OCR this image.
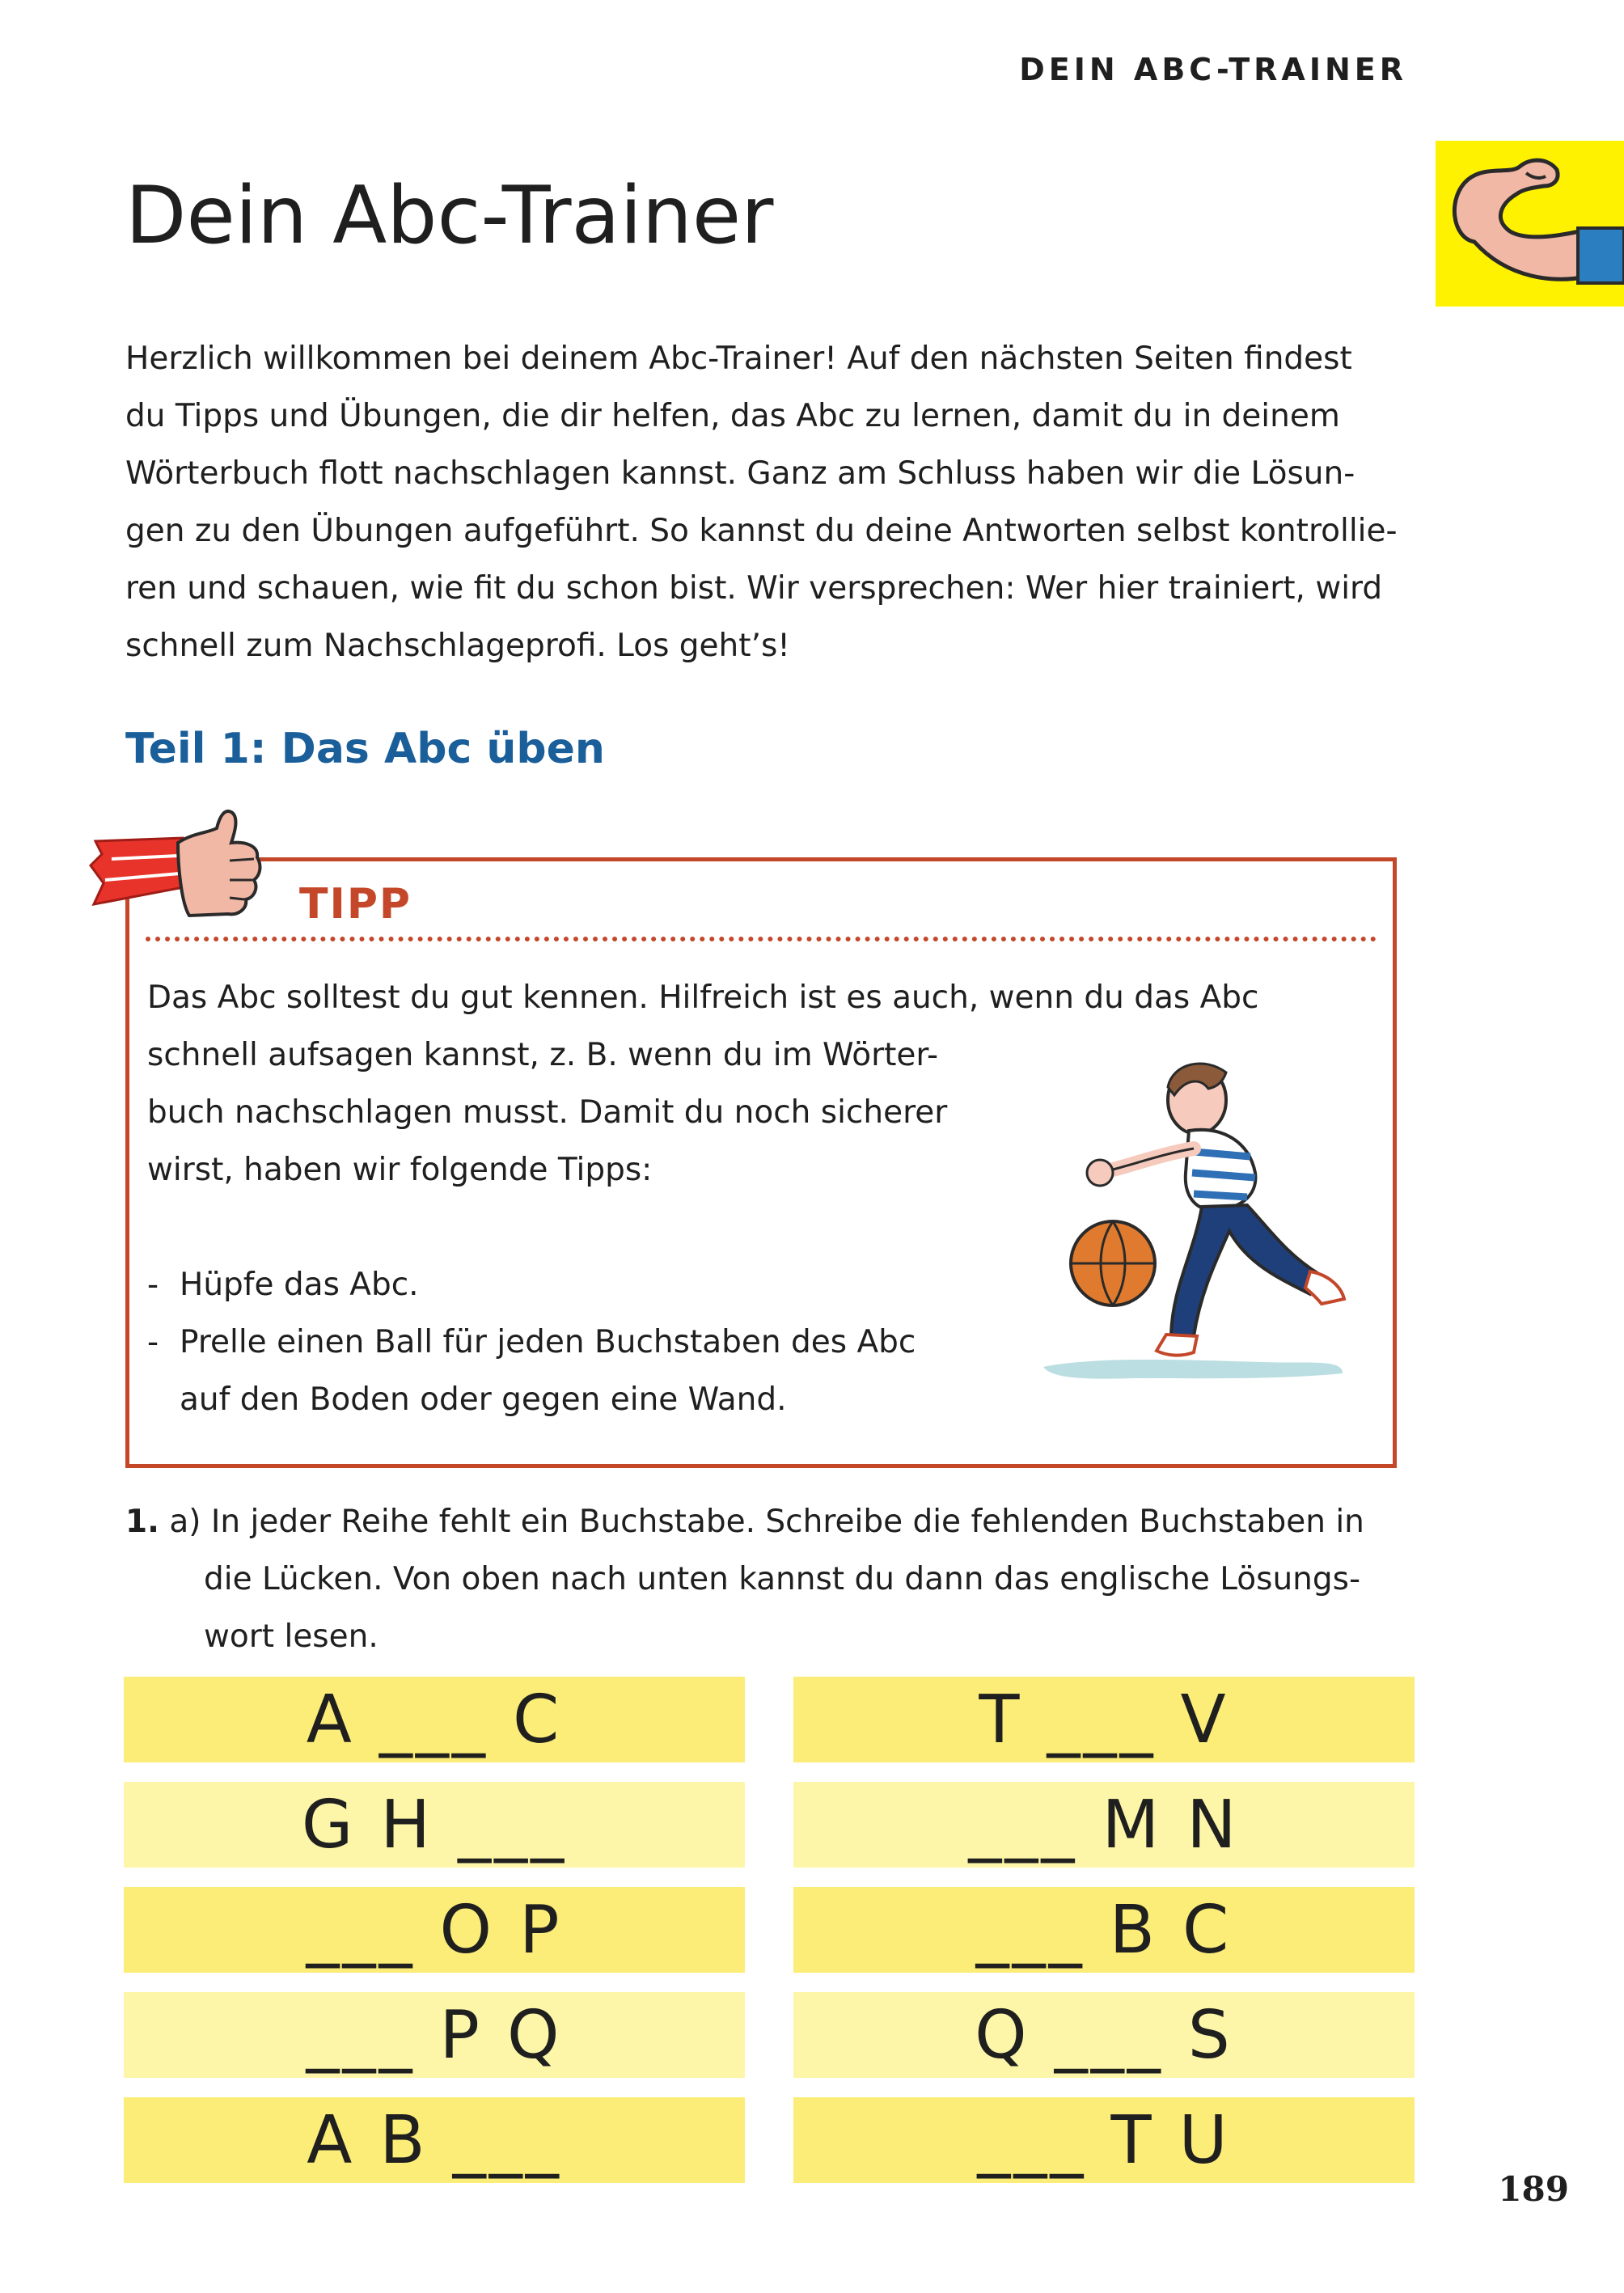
DEIN ABC-TRAINER
Dein Abc-Trainer
Herzlich willkommen bei deinem Abc-Trainer! Auf den nächsten Seiten findest
du Tipps und Übungen, die dir helfen, das Abc zu lernen, damit du in deinem
Wörterbuch flott nachschlagen kannst. Ganz am Schluss haben wir die Lösun-
gen zu den Übungen aufgeführt. So kannst du deine Antworten selbst kontrollie-
ren und schauen, wie fit du schon bist. Wir versprechen: Wer hier trainiert, wird
schnell zum Nachschlageprofi. Los geht’s!
Teil 1: Das Abc üben
TIPP
Das Abc solltest du gut kennen. Hilfreich ist es auch, wenn du das Abc
schnell aufsagen kannst, z. B. wenn du im Wörter-
buch nachschlagen musst. Damit du noch sicherer
wirst, haben wir folgende Tipps:
- Hüpfe das Abc.
- Prelle einen Ball für jeden Buchstaben des Abc
auf den Boden oder gegen eine Wand.
1. a) In jeder Reihe fehlt ein Buchstabe. Schreibe die fehlenden Buchstaben in
die Lücken. Von oben nach unten kannst du dann das englische Lösungs-
wort lesen.
A ___ C
G H ___
___ O P
___ P Q
A B ___
T ___ V
___ M N
___ B C
Q ___ S
___ T U
189
